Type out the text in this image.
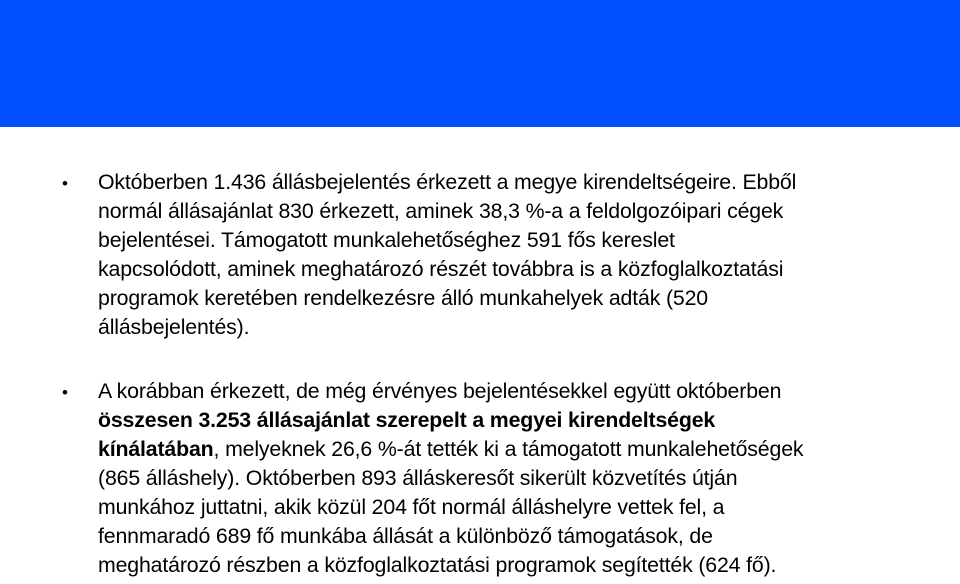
•	Októberben 1.436 állásbejelentés érkezett a megye kirendeltségeire. Ebből
normál állásajánlat 830 érkezett, aminek 38,3 %-a a feldolgozóipari cégek
bejelentései. Támogatott munkalehetőséghez 591 fős kereslet
kapcsolódott, aminek meghatározó részét továbbra is a közfoglalkoztatási
programok keretében rendelkezésre álló munkahelyek adták (520
állásbejelentés).
•	A korábban érkezett, de még érvényes bejelentésekkel együtt októberben
összesen 3.253 állásajánlat szerepelt a megyei kirendeltségek
kínálatában, melyeknek 26,6 %-át tették ki a támogatott munkalehetőségek
(865 álláshely). Októberben 893 álláskeresőt sikerült közvetítés útján
munkához juttatni, akik közül 204 főt normál álláshelyre vettek fel, a
fennmaradó 689 fő munkába állását a különböző támogatások, de
meghatározó részben a közfoglalkoztatási programok segítették (624 fő).
